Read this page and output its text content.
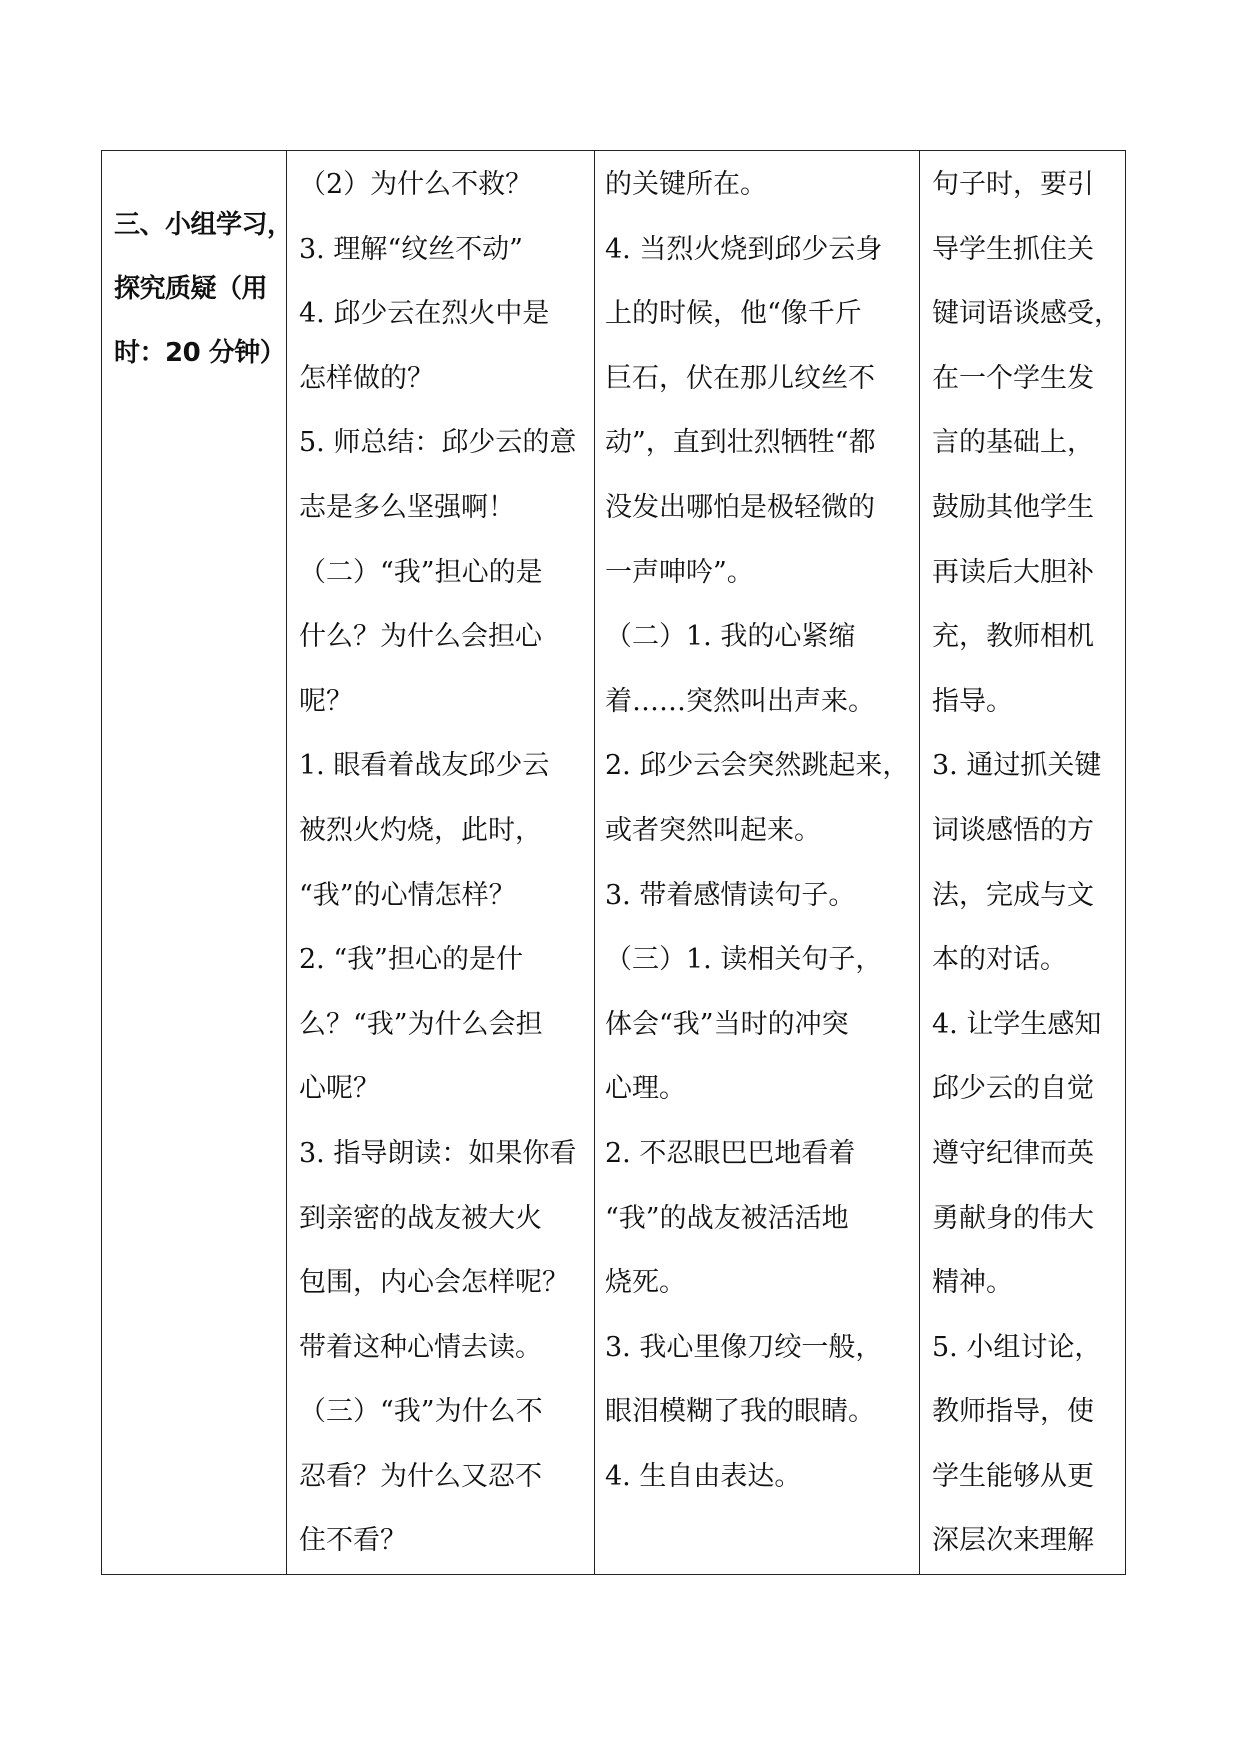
三、小组学习，
探究质疑（用
时：20 分钟）

（2）为什么不救？
3. 理解“纹丝不动”
4. 邱少云在烈火中是
怎样做的？
5. 师总结：邱少云的意
志是多么坚强啊！
（二）“我”担心的是
什么？为什么会担心
呢？
1. 眼看着战友邱少云
被烈火灼烧，此时，
“我”的心情怎样？
2. “我”担心的是什
么？“我”为什么会担
心呢？
3. 指导朗读：如果你看
到亲密的战友被大火
包围，内心会怎样呢？
带着这种心情去读。
（三）“我”为什么不
忍看？为什么又忍不
住不看？

的关键所在。
4. 当烈火烧到邱少云身
上的时候，他“像千斤
巨石，伏在那儿纹丝不
动”，直到壮烈牺牲“都
没发出哪怕是极轻微的
一声呻吟”。
（二）1. 我的心紧缩
着……突然叫出声来。
2. 邱少云会突然跳起来，
或者突然叫起来。
3. 带着感情读句子。
（三）1. 读相关句子，
体会“我”当时的冲突
心理。
2. 不忍眼巴巴地看着
“我”的战友被活活地
烧死。
3. 我心里像刀绞一般，
眼泪模糊了我的眼睛。
4. 生自由表达。

句子时，要引
导学生抓住关
键词语谈感受，
在一个学生发
言的基础上，
鼓励其他学生
再读后大胆补
充，教师相机
指导。
3. 通过抓关键
词谈感悟的方
法，完成与文
本的对话。
4. 让学生感知
邱少云的自觉
遵守纪律而英
勇献身的伟大
精神。
5. 小组讨论，
教师指导，使
学生能够从更
深层次来理解
